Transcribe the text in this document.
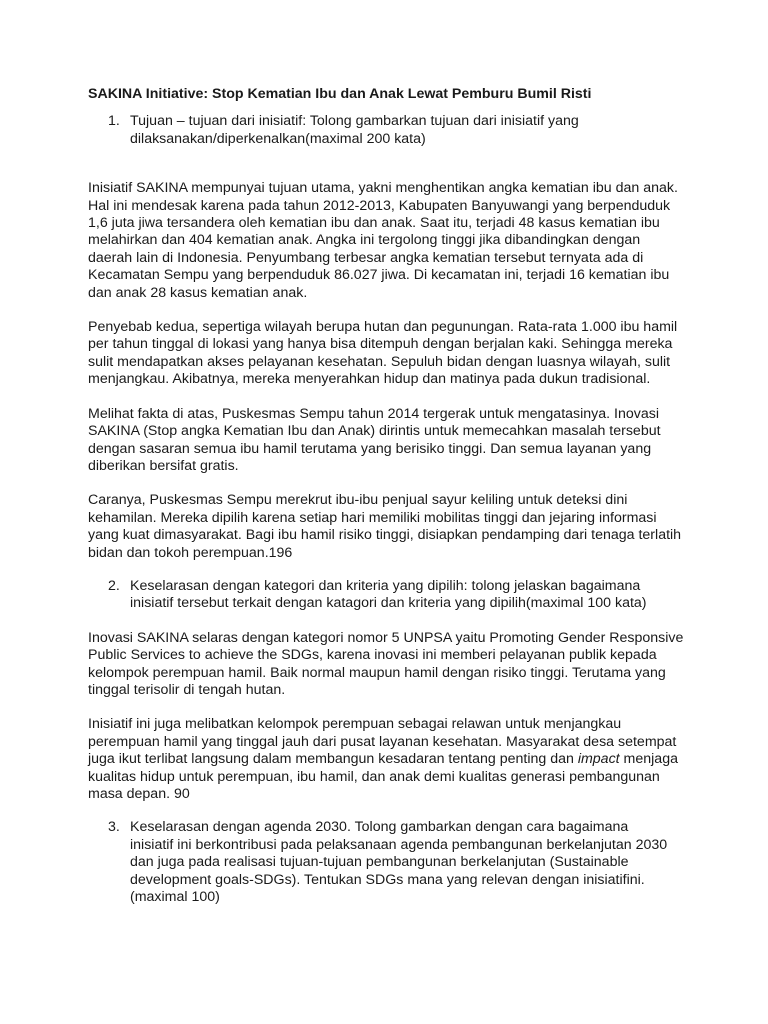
SAKINA Initiative: Stop Kematian Ibu dan Anak Lewat Pemburu Bumil Risti
1. Tujuan – tujuan dari inisiatif: Tolong gambarkan tujuan dari inisiatif yang dilaksanakan/diperkenalkan(maximal 200 kata)

Inisiatif SAKINA mempunyai tujuan utama, yakni menghentikan angka kematian ibu dan anak. Hal ini mendesak karena pada tahun 2012-2013, Kabupaten Banyuwangi yang berpenduduk 1,6 juta jiwa tersandera oleh kematian ibu dan anak. Saat itu, terjadi 48 kasus kematian ibu melahirkan dan 404 kematian anak. Angka ini tergolong tinggi jika dibandingkan dengan daerah lain di Indonesia. Penyumbang terbesar angka kematian tersebut ternyata ada di Kecamatan Sempu yang berpenduduk 86.027 jiwa. Di kecamatan ini, terjadi 16 kematian ibu dan anak 28 kasus kematian anak.

Penyebab kedua, sepertiga wilayah berupa hutan dan pegunungan. Rata-rata 1.000 ibu hamil per tahun tinggal di lokasi yang hanya bisa ditempuh dengan berjalan kaki. Sehingga mereka sulit mendapatkan akses pelayanan kesehatan. Sepuluh bidan dengan luasnya wilayah, sulit menjangkau. Akibatnya, mereka menyerahkan hidup dan matinya pada dukun tradisional.

Melihat fakta di atas, Puskesmas Sempu tahun 2014 tergerak untuk mengatasinya. Inovasi SAKINA (Stop angka Kematian Ibu dan Anak) dirintis untuk memecahkan masalah tersebut dengan sasaran semua ibu hamil terutama yang berisiko tinggi. Dan semua layanan yang diberikan bersifat gratis.

Caranya, Puskesmas Sempu merekrut ibu-ibu penjual sayur keliling untuk deteksi dini kehamilan. Mereka dipilih karena setiap hari memiliki mobilitas tinggi dan jejaring informasi yang kuat dimasyarakat. Bagi ibu hamil risiko tinggi, disiapkan pendamping dari tenaga terlatih bidan dan tokoh perempuan.196

2. Keselarasan dengan kategori dan kriteria yang dipilih: tolong jelaskan bagaimana inisiatif tersebut terkait dengan katagori dan kriteria yang dipilih(maximal 100 kata)

Inovasi SAKINA selaras dengan kategori nomor 5 UNPSA yaitu Promoting Gender Responsive Public Services to achieve the SDGs, karena inovasi ini memberi pelayanan publik kepada kelompok perempuan hamil. Baik normal maupun hamil dengan risiko tinggi. Terutama yang tinggal terisolir di tengah hutan.

Inisiatif ini juga melibatkan kelompok perempuan sebagai relawan untuk menjangkau perempuan hamil yang tinggal jauh dari pusat layanan kesehatan. Masyarakat desa setempat juga ikut terlibat langsung dalam membangun kesadaran tentang penting dan impact menjaga kualitas hidup untuk perempuan, ibu hamil, dan anak demi kualitas generasi pembangunan masa depan. 90

3. Keselarasan dengan agenda 2030. Tolong gambarkan dengan cara bagaimana inisiatif ini berkontribusi pada pelaksanaan agenda pembangunan berkelanjutan 2030 dan juga pada realisasi tujuan-tujuan pembangunan berkelanjutan (Sustainable development goals-SDGs). Tentukan SDGs mana yang relevan dengan inisiatifini.(maximal 100)
